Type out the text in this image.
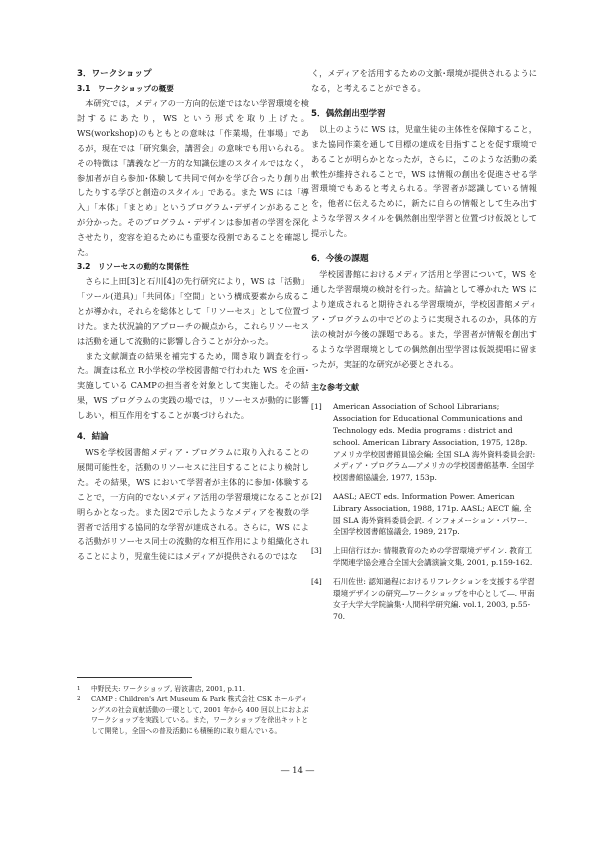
3．ワークショップ
3.1　ワークショップの概要

本研究では，メディアの一方向的伝達ではない学習環境を検討するにあたり，WS という形式を取り上げた。WS(workshop)のもともとの意味は「作業場，仕事場」であるが，現在では「研究集会，講習会」の意味でも用いられる。その特徴は「講義など一方的な知識伝達のスタイルではなく，参加者が自ら参加･体験して共同で何かを学び合ったり創り出したりする学びと創造のスタイル」である。また WS には「導入」「本体」「まとめ」というプログラム･デザインがあることが分かった。そのプログラム・デザインは参加者の学習を深化させたり，変容を迫るためにも重要な役割であることを確認した。

3.2　リソーセスの動的な関係性

さらに上田[3]と石川[4]の先行研究により，WS は「活動」「ツール(道具)」「共同体」「空間」という構成要素から成ることが導かれ，それらを総体として「リソーセス」として位置づけた。また状況論的アプローチの観点から，これらリソーセスは活動を通して流動的に影響し合うことが分かった。

また文献調査の結果を補完するため，聞き取り調査を行った。調査は私立 R小学校の学校図書館で行われた WS を企画･実施している CAMPの担当者を対象として実施した。その結果，WS プログラムの実践の場では，リソーセスが動的に影響しあい，相互作用をすることが裏づけられた。

4．結論

WSを学校図書館メディア・プログラムに取り入れることの展開可能性を，活動のリソーセスに注目することにより検討した。その結果，WS において学習者が主体的に参加･体験することで，一方向的でないメディア活用の学習環境になることが明らかとなった。また図2で示したようなメディアを複数の学習者で活用する協同的な学習が達成される。さらに，WS による活動がリソーセス同士の流動的な相互作用により組織化されることにより，児童生徒にはメディアが提供されるのではな

く，メディアを活用するための文脈･環境が提供されるようになる，と考えることができる。

5．偶然創出型学習

以上のように WS は，児童生徒の主体性を保障すること，また協同作業を通して目標の達成を目指すことを促す環境であることが明らかとなったが，さらに，このような活動の柔軟性が維持されることで，WS は情報の創出を促進させる学習環境でもあると考えられる。学習者が認識している情報を，他者に伝えるために，新たに自らの情報として生み出すような学習スタイルを偶然創出型学習と位置づけ仮説として提示した。

6．今後の課題

学校図書館におけるメディア活用と学習について，WS を通した学習環境の検討を行った。結論として導かれた WS により達成されると期待される学習環境が，学校図書館メディア・プログラムの中でどのように実現されるのか，具体的方法の検討が今後の課題である。また，学習者が情報を創出するような学習環境としての偶然創出型学習は仮説提唱に留まったが，実証的な研究が必要とされる。

主な参考文献
[1]	American Association of School Librarians; Association for Educational Communications and Technology eds. Media programs : district and school. American Library Association, 1975, 128p. アメリカ学校図書館員協会編; 全国 SLA 海外資料委員会訳: メディア・プログラム―アメリカの学校図書館基準. 全国学校図書館協議会, 1977, 153p.
[2]	AASL; AECT eds. Information Power. American Library Association, 1988, 171p. AASL; AECT 編, 全国 SLA 海外資料委員会訳. インフォメーション・パワー. 全国学校図書館協議会, 1989, 217p.
[3]	上田信行ほか: 情報教育のための学習環境デザイン. 教育工学関連学協会連合全国大会講演論文集, 2001, p.159-162.
[4]	石川佐世: 認知過程におけるリフレクションを支援する学習環境デザインの研究―ワークショップを中心として―. 甲南女子大学大学院論集･人間科学研究編. vol.1, 2003, p.55-70.
1	中野民夫: ワークショップ, 岩波書店, 2001, p.11.
2	CAMP : Children's Art Museum & Park 株式会社 CSK ホールディングスの社会貢献活動の一環として, 2001 年から 400 回以上におよぶワークショップを実践している。また，ワークショップを徐出キットとして開発し，全国への普及活動にも積極的に取り組んでいる。
― 14 ―
